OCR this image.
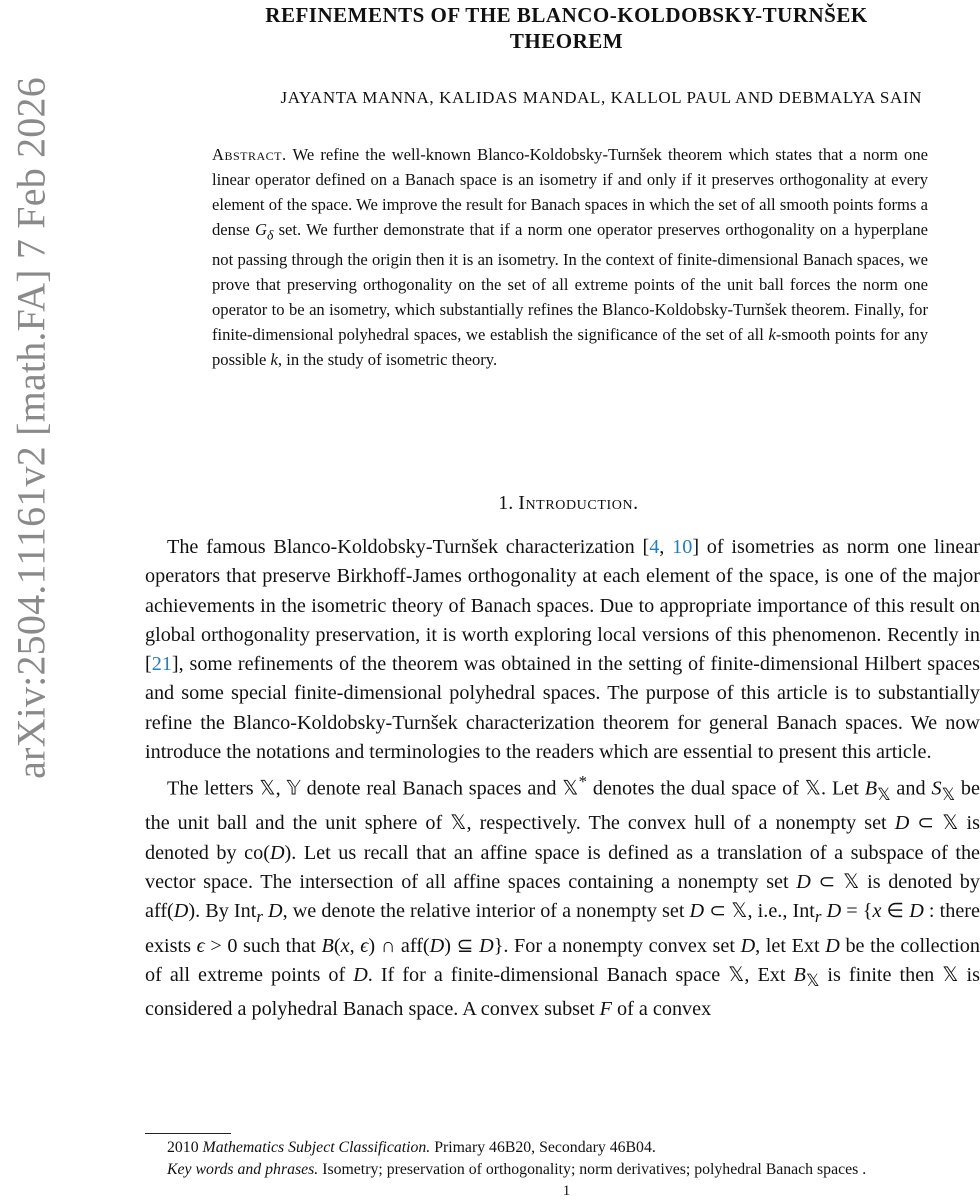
arXiv:2504.11161v2 [math.FA] 7 Feb 2026
REFINEMENTS OF THE BLANCO-KOLDOBSKY-TURNŠEK
THEOREM
JAYANTA MANNA, KALIDAS MANDAL, KALLOL PAUL AND DEBMALYA SAIN
Abstract. We refine the well-known Blanco-Koldobsky-Turnšek theorem which states that a norm one linear operator defined on a Banach space is an isometry if and only if it preserves orthogonality at every element of the space. We improve the result for Banach spaces in which the set of all smooth points forms a dense $G_\delta$ set. We further demonstrate that if a norm one operator preserves orthogonality on a hyperplane not passing through the origin then it is an isometry. In the context of finite-dimensional Banach spaces, we prove that preserving orthogonality on the set of all extreme points of the unit ball forces the norm one operator to be an isometry, which substantially refines the Blanco-Koldobsky-Turnšek theorem. Finally, for finite-dimensional polyhedral spaces, we establish the significance of the set of all k-smooth points for any possible k, in the study of isometric theory.
1. Introduction.

The famous Blanco-Koldobsky-Turnšek characterization [4, 10] of isometries as norm one linear operators that preserve Birkhoff-James orthogonality at each element of the space, is one of the major achievements in the isometric theory of Banach spaces. Due to appropriate importance of this result on global orthogonality preservation, it is worth exploring local versions of this phenomenon. Recently in [21], some refinements of the theorem was obtained in the setting of finite-dimensional Hilbert spaces and some special finite-dimensional polyhedral spaces. The purpose of this article is to substantially refine the Blanco-Koldobsky-Turnšek characterization theorem for general Banach spaces. We now introduce the notations and terminologies to the readers which are essential to present this article.

The letters 𝕏, 𝕐 denote real Banach spaces and 𝕏* denotes the dual space of 𝕏. Let $B_𝕏$ and $S_𝕏$ be the unit ball and the unit sphere of 𝕏, respectively. The convex hull of a nonempty set D ⊂ 𝕏 is denoted by co(D). Let us recall that an affine space is defined as a translation of a subspace of the vector space. The intersection of all affine spaces containing a nonempty set D ⊂ 𝕏 is denoted by aff(D). By Int$_r$ D, we denote the relative interior of a nonempty set D ⊂ 𝕏, i.e., Int$_r$ D = {x ∈ D : there exists ϵ > 0 such that B(x, ϵ) ∩ aff(D) ⊆ D}. For a nonempty convex set D, let Ext D be the collection of all extreme points of D. If for a finite-dimensional Banach space 𝕏, Ext $B_𝕏$ is finite then 𝕏 is considered a polyhedral Banach space. A convex subset F of a convex

2010 Mathematics Subject Classification. Primary 46B20, Secondary 46B04.

Key words and phrases. Isometry; preservation of orthogonality; norm derivatives; polyhedral Banach spaces .

1
